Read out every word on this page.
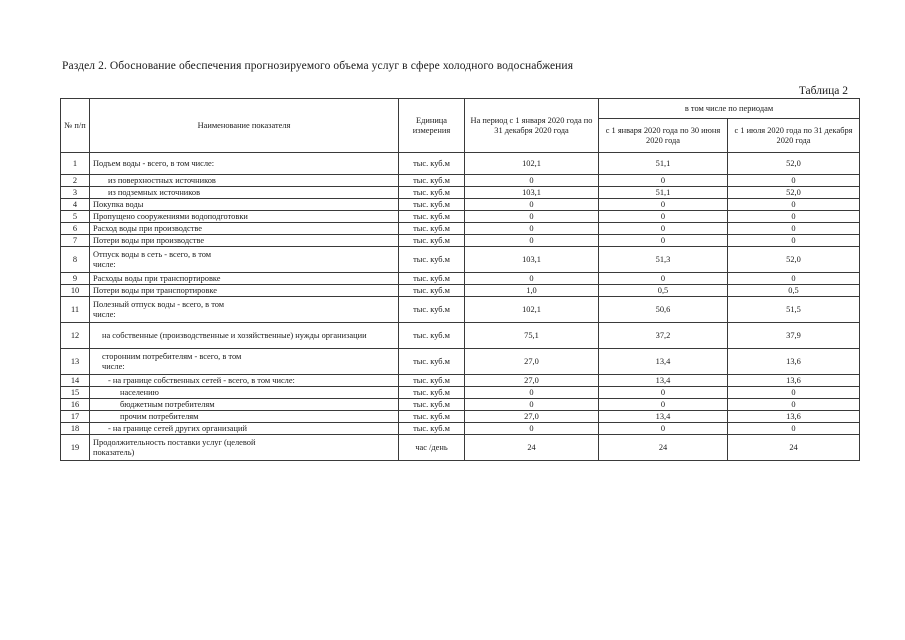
Раздел 2. Обоснование обеспечения прогнозируемого объема услуг в сфере холодного водоснабжения
Таблица 2
№ п/п	Наименование показателя	Единица измерения	На период с 1 января 2020 года по 31 декабря 2020 года	в том числе по периодам	
				с 1 января 2020 года по 30 июня 2020 года	с 1 июля 2020 года по 31 декабря 2020 года
1	Подъем воды - всего, в том числе:	тыс. куб.м	102,1	51,1	52,0
2	из поверхностных источников	тыс. куб.м	0	0	0
3	из подземных источников	тыс. куб.м	103,1	51,1	52,0
4	Покупка воды	тыс. куб.м	0	0	0
5	Пропущено сооружениями водоподготовки	тыс. куб.м	0	0	0
6	Расход воды при производстве	тыс. куб.м	0	0	0
7	Потери воды при производстве	тыс. куб.м	0	0	0
8	Отпуск воды в сеть - всего, в том числе:	тыс. куб.м	103,1	51,3	52,0
9	Расходы воды при транспортировке	тыс. куб.м	0	0	0
10	Потери воды при транспортировке	тыс. куб.м	1,0	0,5	0,5
11	Полезный отпуск воды - всего, в том числе:	тыс. куб.м	102,1	50,6	51,5
12	на собственные (производственные и хозяйственные) нужды организации	тыс. куб.м	75,1	37,2	37,9
13	сторонним потребителям - всего, в том числе:	тыс. куб.м	27,0	13,4	13,6
14	- на границе собственных сетей - всего, в том числе:	тыс. куб.м	27,0	13,4	13,6
15	населению	тыс. куб.м	0	0	0
16	бюджетным потребителям	тыс. куб.м	0	0	0
17	прочим потребителям	тыс. куб.м	27,0	13,4	13,6
18	- на границе сетей других организаций	тыс. куб.м	0	0	0
19	Продолжительность поставки услуг (целевой показатель)	час /день	24	24	24
